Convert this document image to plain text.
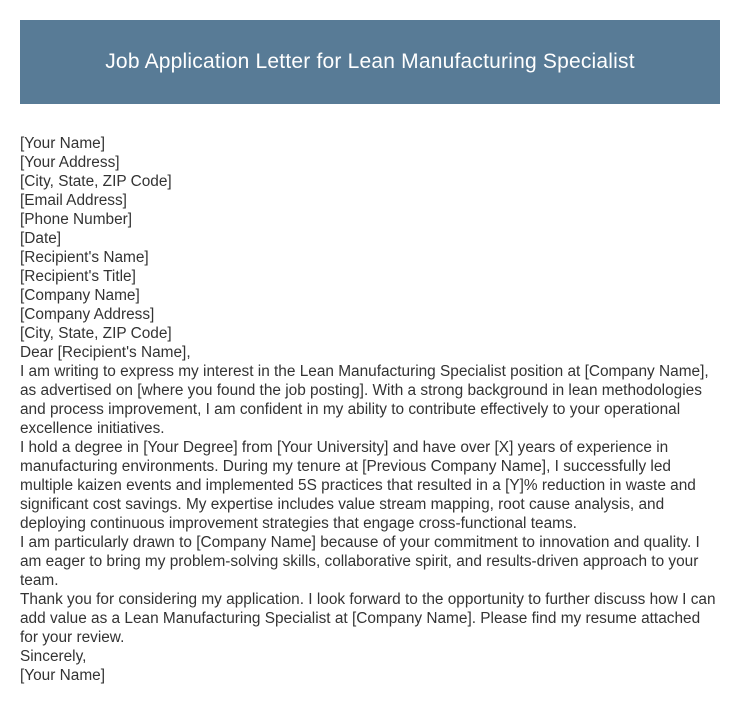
Job Application Letter for Lean Manufacturing Specialist
[Your Name]
[Your Address]
[City, State, ZIP Code]
[Email Address]
[Phone Number]
[Date]
[Recipient's Name]
[Recipient's Title]
[Company Name]
[Company Address]
[City, State, ZIP Code]
Dear [Recipient's Name],

I am writing to express my interest in the Lean Manufacturing Specialist position at [Company Name], as advertised on [where you found the job posting]. With a strong background in lean methodologies and process improvement, I am confident in my ability to contribute effectively to your operational excellence initiatives.

I hold a degree in [Your Degree] from [Your University] and have over [X] years of experience in manufacturing environments. During my tenure at [Previous Company Name], I successfully led multiple kaizen events and implemented 5S practices that resulted in a [Y]% reduction in waste and significant cost savings. My expertise includes value stream mapping, root cause analysis, and deploying continuous improvement strategies that engage cross-functional teams.

I am particularly drawn to [Company Name] because of your commitment to innovation and quality. I am eager to bring my problem-solving skills, collaborative spirit, and results-driven approach to your team.

Thank you for considering my application. I look forward to the opportunity to further discuss how I can add value as a Lean Manufacturing Specialist at [Company Name]. Please find my resume attached for your review.

Sincerely,
[Your Name]
